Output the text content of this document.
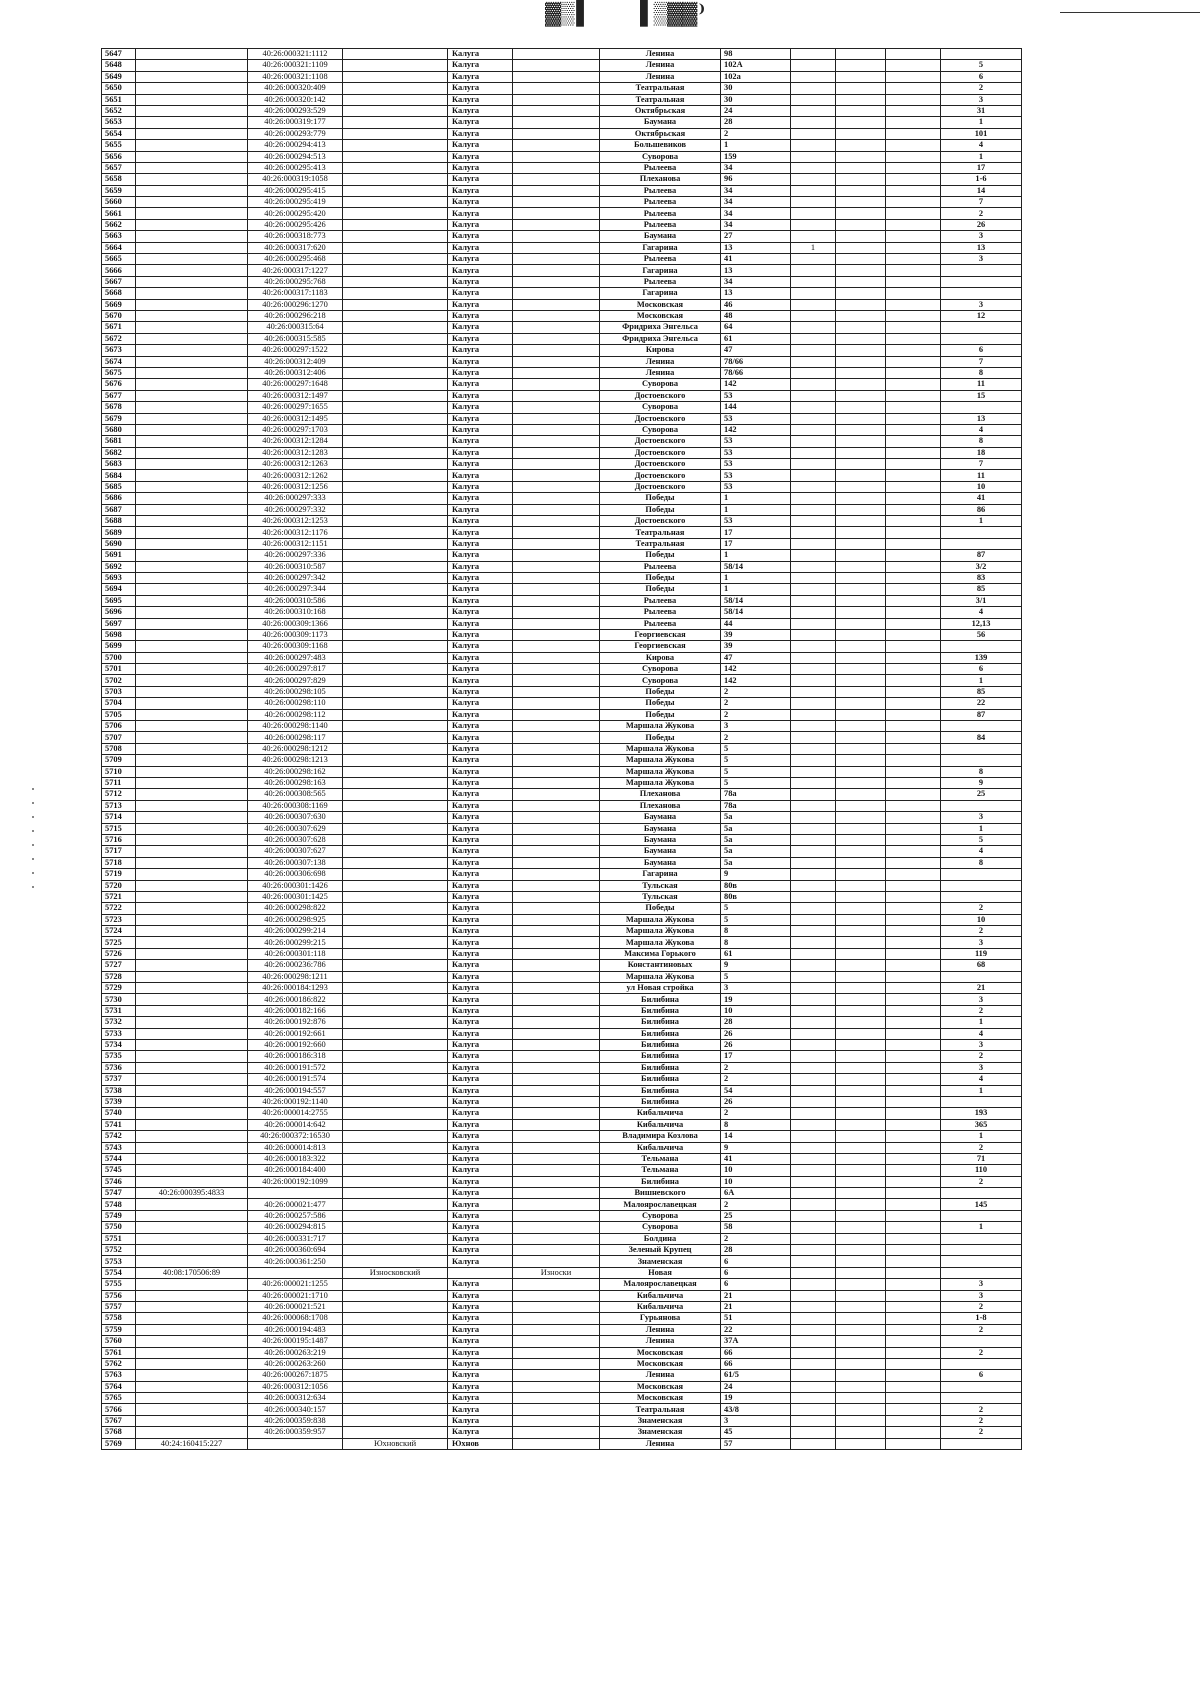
▓▒ ▌ ▌▒▓▓ ⁾
5647		40:26:000321:1112		Калуга		Ленина	98				
5648		40:26:000321:1109		Калуга		Ленина	102А				5
5649		40:26:000321:1108		Калуга		Ленина	102а				6
5650		40:26:000320:409		Калуга		Театральная	30				2
5651		40:26:000320:142		Калуга		Театральная	30				3
5652		40:26:000293:529		Калуга		Октябрьская	24				31
5653		40:26:000319:177		Калуга		Баумана	28				1
5654		40:26:000293:779		Калуга		Октябрьская	2				101
5655		40:26:000294:413		Калуга		Большевиков	1				4
5656		40:26:000294:513		Калуга		Суворова	159				1
5657		40:26:000295:413		Калуга		Рылеева	34				17
5658		40:26:000319:1058		Калуга		Плеханова	96				1-6
5659		40:26:000295:415		Калуга		Рылеева	34				14
5660		40:26:000295:419		Калуга		Рылеева	34				7
5661		40:26:000295:420		Калуга		Рылеева	34				2
5662		40:26:000295:426		Калуга		Рылеева	34				26
5663		40:26:000318:773		Калуга		Баумана	27				3
5664		40:26:000317:620		Калуга		Гагарина	13	1			13
5665		40:26:000295:468		Калуга		Рылеева	41				3
5666		40:26:000317:1227		Калуга		Гагарина	13				
5667		40:26:000295:768		Калуга		Рылеева	34				
5668		40:26:000317:1183		Калуга		Гагарина	13				
5669		40:26:000296:1270		Калуга		Московская	46				3
5670		40:26:000296:218		Калуга		Московская	48				12
5671		40:26:000315:64		Калуга		Фридриха Энгельса	64				
5672		40:26:000315:585		Калуга		Фридриха Энгельса	61				
5673		40:26:000297:1522		Калуга		Кирова	47				6
5674		40:26:000312:409		Калуга		Ленина	78/66				7
5675		40:26:000312:406		Калуга		Ленина	78/66				8
5676		40:26:000297:1648		Калуга		Суворова	142				11
5677		40:26:000312:1497		Калуга		Достоевского	53				15
5678		40:26:000297:1655		Калуга		Суворова	144				
5679		40:26:000312:1495		Калуга		Достоевского	53				13
5680		40:26:000297:1703		Калуга		Суворова	142				4
5681		40:26:000312:1284		Калуга		Достоевского	53				8
5682		40:26:000312:1283		Калуга		Достоевского	53				18
5683		40:26:000312:1263		Калуга		Достоевского	53				7
5684		40:26:000312:1262		Калуга		Достоевского	53				11
5685		40:26:000312:1256		Калуга		Достоевского	53				10
5686		40:26:000297:333		Калуга		Победы	1				41
5687		40:26:000297:332		Калуга		Победы	1				86
5688		40:26:000312:1253		Калуга		Достоевского	53				1
5689		40:26:000312:1176		Калуга		Театральная	17				
5690		40:26:000312:1151		Калуга		Театральная	17				
5691		40:26:000297:336		Калуга		Победы	1				87
5692		40:26:000310:587		Калуга		Рылеева	58/14				3/2
5693		40:26:000297:342		Калуга		Победы	1				83
5694		40:26:000297:344		Калуга		Победы	1				85
5695		40:26:000310:586		Калуга		Рылеева	58/14				3/1
5696		40:26:000310:168		Калуга		Рылеева	58/14				4
5697		40:26:000309:1366		Калуга		Рылеева	44				12,13
5698		40:26:000309:1173		Калуга		Георгиевская	39				56
5699		40:26:000309:1168		Калуга		Георгиевская	39				
5700		40:26:000297:483		Калуга		Кирова	47				139
5701		40:26:000297:817		Калуга		Суворова	142				6
5702		40:26:000297:829		Калуга		Суворова	142				1
5703		40:26:000298:105		Калуга		Победы	2				85
5704		40:26:000298:110		Калуга		Победы	2				22
5705		40:26:000298:112		Калуга		Победы	2				87
5706		40:26:000298:1140		Калуга		Маршала Жукова	3				
5707		40:26:000298:117		Калуга		Победы	2				84
5708		40:26:000298:1212		Калуга		Маршала Жукова	5				
5709		40:26:000298:1213		Калуга		Маршала Жукова	5				
5710		40:26:000298:162		Калуга		Маршала Жукова	5				8
5711		40:26:000298:163		Калуга		Маршала Жукова	5				9
5712		40:26:000308:565		Калуга		Плеханова	78а				25
5713		40:26:000308:1169		Калуга		Плеханова	78а				
5714		40:26:000307:630		Калуга		Баумана	5а				3
5715		40:26:000307:629		Калуга		Баумана	5а				1
5716		40:26:000307:628		Калуга		Баумана	5а				5
5717		40:26:000307:627		Калуга		Баумана	5а				4
5718		40:26:000307:138		Калуга		Баумана	5а				8
5719		40:26:000306:698		Калуга		Гагарина	9				
5720		40:26:000301:1426		Калуга		Тульская	80в				
5721		40:26:000301:1425		Калуга		Тульская	80в				
5722		40:26:000298:822		Калуга		Победы	5				2
5723		40:26:000298:925		Калуга		Маршала Жукова	5				10
5724		40:26:000299:214		Калуга		Маршала Жукова	8				2
5725		40:26:000299:215		Калуга		Маршала Жукова	8				3
5726		40:26:000301:118		Калуга		Максима Горького	61				119
5727		40:26:000236:786		Калуга		Константиновых	9				68
5728		40:26:000298:1211		Калуга		Маршала Жукова	5				
5729		40:26:000184:1293		Калуга		ул Новая стройка	3				21
5730		40:26:000186:822		Калуга		Билибина	19				3
5731		40:26:000182:166		Калуга		Билибина	10				2
5732		40:26:000192:876		Калуга		Билибина	28				1
5733		40:26:000192:661		Калуга		Билибина	26				4
5734		40:26:000192:660		Калуга		Билибина	26				3
5735		40:26:000186:318		Калуга		Билибина	17				2
5736		40:26:000191:572		Калуга		Билибина	2				3
5737		40:26:000191:574		Калуга		Билибина	2				4
5738		40:26:000194:557		Калуга		Билибина	54				1
5739		40:26:000192:1140		Калуга		Билибина	26				
5740		40:26:000014:2755		Калуга		Кибальчича	2				193
5741		40:26:000014:642		Калуга		Кибальчича	8				365
5742		40:26:000372:16530		Калуга		Владимира Козлова	14				1
5743		40:26:000014:813		Калуга		Кибальчича	9				2
5744		40:26:000183:322		Калуга		Тельмана	41				71
5745		40:26:000184:400		Калуга		Тельмана	10				110
5746		40:26:000192:1099		Калуга		Билибина	10				2
5747	40:26:000395:4833			Калуга		Вишневского	6А				
5748		40:26:000021:477		Калуга		Малоярославецкая	2				145
5749		40:26:000257:586		Калуга		Суворова	25				
5750		40:26:000294:815		Калуга		Суворова	58				1
5751		40:26:000331:717		Калуга		Болдина	2				
5752		40:26:000360:694		Калуга		Зеленый Крупец	28				
5753		40:26:000361:250		Калуга		Знаменская	6				
5754	40:08:170506:89		Износковский		Износки	Новая	6				
5755		40:26:000021:1255		Калуга		Малоярославецкая	6				3
5756		40:26:000021:1710		Калуга		Кибальчича	21				3
5757		40:26:000021:521		Калуга		Кибальчича	21				2
5758		40:26:000068:1708		Калуга		Гурьянова	51				1-8
5759		40:26:000194:483		Калуга		Ленина	22				2
5760		40:26:000195:1487		Калуга		Ленина	37А				
5761		40:26:000263:219		Калуга		Московская	66				2
5762		40:26:000263:260		Калуга		Московская	66				
5763		40:26:000267:1875		Калуга		Ленина	61/5				6
5764		40:26:000312:1056		Калуга		Московская	24				
5765		40:26:000312:634		Калуга		Московская	19				
5766		40:26:000340:157		Калуга		Театральная	43/8				2
5767		40:26:000359:838		Калуга		Знаменская	3				2
5768		40:26:000359:957		Калуга		Знаменская	45				2
5769	40:24:160415:227		Юхновский	Юхнов		Ленина	57				
